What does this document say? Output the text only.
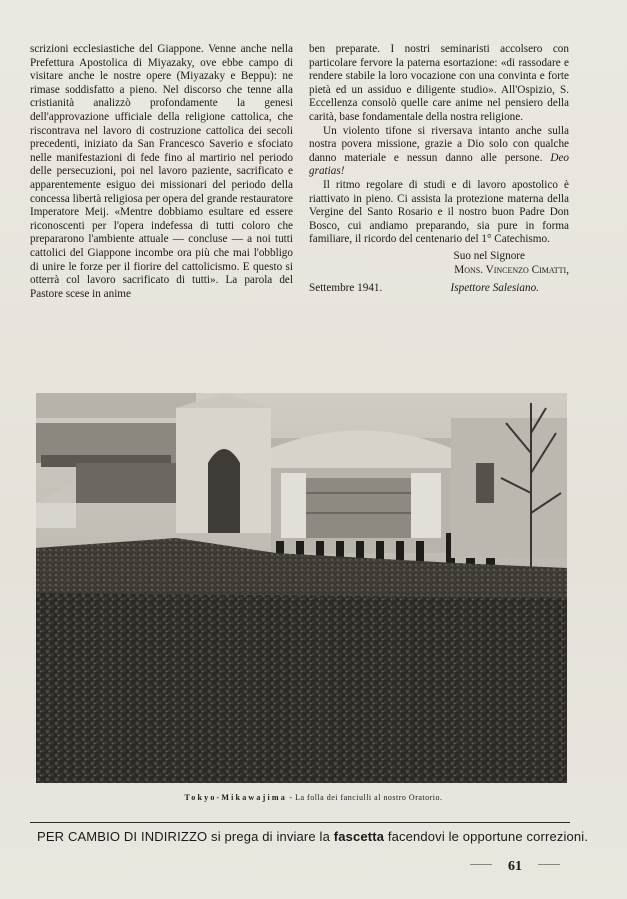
scrizioni ecclesiastiche del Giappone. Venne anche nella Prefettura Apostolica di Miyazaky, ove ebbe campo di visitare anche le nostre opere (Miyazaky e Beppu): ne rimase soddisfatto a pieno. Nel discorso che tenne alla cristianità analizzò profondamente la genesi dell'approvazione ufficiale della religione cattolica, che riscontrava nel lavoro di costruzione cattolica dei secoli precedenti, iniziato da San Francesco Saverio e sfociato nelle manifestazioni di fede fino al martirio nel periodo delle persecuzioni, poi nel lavoro paziente, sacrificato e apparentemente esiguo dei missionari del periodo della concessa libertà religiosa per opera del grande restauratore Imperatore Meij. «Mentre dobbiamo esultare ed essere riconoscenti per l'opera indefessa di tutti coloro che prepararono l'ambiente attuale — concluse — a noi tutti cattolici del Giappone incombe ora più che mai l'obbligo di unire le forze per il fiorire del cattolicismo. E questo si otterrà col lavoro sacrificato di tutti». La parola del Pastore scese in anime

ben preparate. I nostri seminaristi accolsero con particolare fervore la paterna esortazione: «di rassodare e rendere stabile la loro vocazione con una convinta e forte pietà ed un assiduo e diligente studio». All'Ospizio, S. Eccellenza consolò quelle care anime nel pensiero della carità, base fondamentale della nostra religione.

Un violento tifone si riversava intanto anche sulla nostra povera missione, grazie a Dio solo con qualche danno materiale e nessun danno alle persone. Deo gratias!

Il ritmo regolare di studi e di lavoro apostolico è riattivato in pieno. Ci assista la protezione materna della Vergine del Santo Rosario e il nostro buon Padre Don Bosco, cui andiamo preparando, sia pure in forma familiare, il ricordo del centenario del 1° Catechismo.

Suo nel Signore

Mons. Vincenzo Cimatti,

Settembre 1941.	Ispettore Salesiano.
Tokyo-Mikawajima - La folla dei fanciulli al nostro Oratorio.
PER CAMBIO DI INDIRIZZO si prega di inviare la fascetta facendovi le opportune correzioni.
61
